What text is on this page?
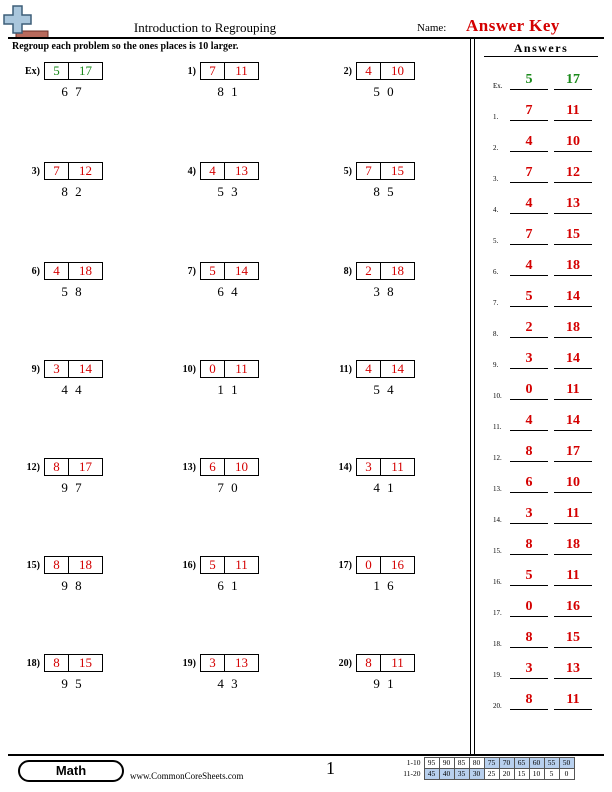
Introduction to Regrouping	Name: Answer Key
Regroup each problem so the ones places is 10 larger.
Ex)	5	17
6 7
1)	7	11
8 1
2)	4	10
5 0
3)	7	12
8 2
4)	4	13
5 3
5)	7	15
8 5
6)	4	18
5 8
7)	5	14
6 4
8)	2	18
3 8
9)	3	14
4 4
10)	0	11
1 1
11)	4	14
5 4
12)	8	17
9 7
13)	6	10
7 0
14)	3	11
4 1
15)	8	18
9 8
16)	5	11
6 1
17)	0	16
1 6
18)	8	15
9 5
19)	3	13
4 3
20)	8	11
9 1
Answers
Ex.	5	17
1.	7	11
2.	4	10
3.	7	12
4.	4	13
5.	7	15
6.	4	18
7.	5	14
8.	2	18
9.	3	14
10.	0	11
11.	4	14
12.	8	17
13.	6	10
14.	3	11
15.	8	18
16.	5	11
17.	0	16
18.	8	15
19.	3	13
20.	8	11
Math	www.CommonCoreSheets.com	1	1-10	95	90	85	80	75	70	65	60	55	50
11-20	45	40	35	30	25	20	15	10	5	0
